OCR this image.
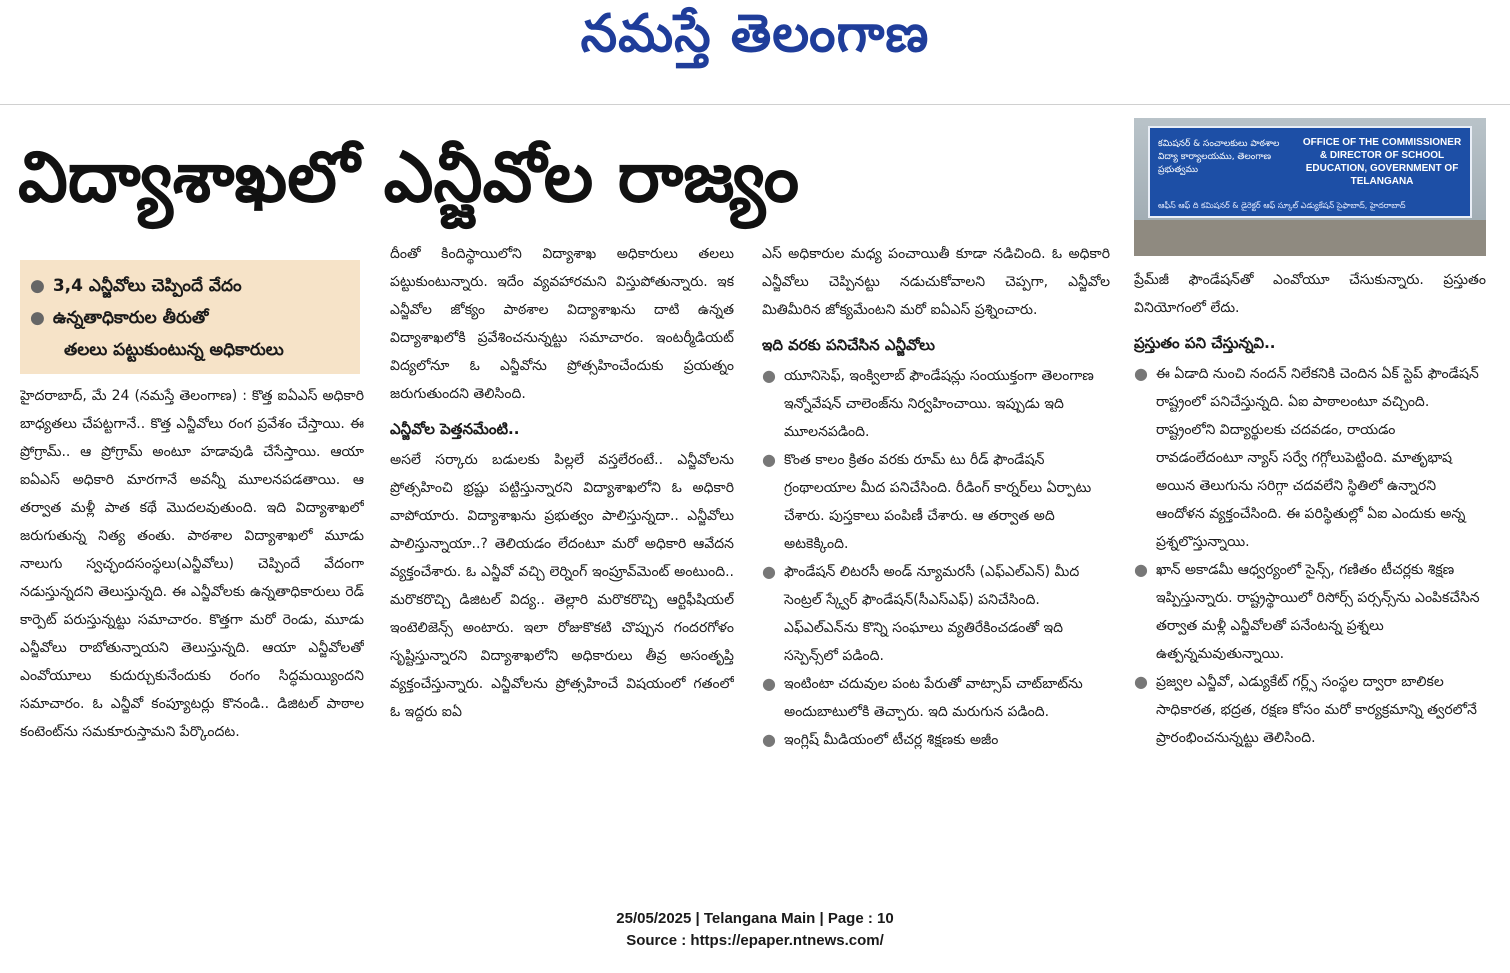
నమస్తే తెలంగాణ
విద్యాశాఖలో ఎన్జీవోల రాజ్యం	కమిషనర్ & సంచాలకులు పాఠశాల విద్యా కార్యాలయము, తెలంగాణ ప్రభుత్వము
OFFICE OF THE COMMISSIONER & DIRECTOR OF SCHOOL EDUCATION, GOVERNMENT OF TELANGANA
ఆఫీస్ ఆఫ్ ది కమిషనర్ & డైరెక్టర్ ఆఫ్ స్కూల్ ఎడ్యుకేషన్ సైఫాబాద్, హైదరాబాద్
● 3,4 ఎన్జీవోలు చెప్పిందే వేదం
● ఉన్నతాధికారుల తీరుతో
తలలు పట్టుకుంటున్న అధికారులు

హైదరాబాద్, మే 24 (నమస్తే తెలంగాణ) : కొత్త ఐఏఎస్ అధికారి బాధ్యతలు చేపట్టగానే.. కొత్త ఎన్జీవోలు రంగ ప్రవేశం చేస్తాయి. ఈ ప్రోగ్రామ్.. ఆ ప్రోగ్రామ్ అంటూ హడావుడి చేసేస్తాయి. ఆయా ఐఏఎస్ అధికారి మారగానే అవన్నీ మూలనపడతాయి. ఆ తర్వాత మళ్లీ పాత కథే మొదలవుతుంది. ఇది విద్యాశాఖలో జరుగుతున్న నిత్య తంతు. పాఠశాల విద్యాశాఖలో మూడు నాలుగు స్వచ్ఛందసంస్థలు(ఎన్జీవోలు) చెప్పిందే వేదంగా నడుస్తున్నదని తెలుస్తున్నది. ఈ ఎన్జీవోలకు ఉన్నతాధికారులు రెడ్ కార్పెట్ పరుస్తున్నట్టు సమాచారం. కొత్తగా మరో రెండు, మూడు ఎన్జీవోలు రాబోతున్నాయని తెలుస్తున్నది. ఆయా ఎన్జీవోలతో ఎంవోయూలు కుదుర్చుకునేందుకు రంగం సిద్ధమయ్యిందని సమాచారం. ఓ ఎన్జీవో కంప్యూటర్లు కొనండి.. డిజిటల్ పాఠాల కంటెంట్‌ను సమకూరుస్తామని పేర్కొందట.

దీంతో కిందిస్థాయిలోని విద్యాశాఖ అధికారులు తలలు పట్టుకుంటున్నారు. ఇదేం వ్యవహారమని విస్తుపోతున్నారు. ఇక ఎన్జీవోల జోక్యం పాఠశాల విద్యాశాఖను దాటి ఉన్నత విద్యాశాఖలోకి ప్రవేశించనున్నట్టు సమాచారం. ఇంటర్మీడియట్ విద్యలోనూ ఓ ఎన్జీవోను ప్రోత్సహించేందుకు ప్రయత్నం జరుగుతుందని తెలిసింది.

ఎన్జీవోల పెత్తనమేంటి..

అసలే సర్కారు బడులకు పిల్లలే వస్తలేరంటే.. ఎన్జీవోలను ప్రోత్సహించి భ్రష్టు పట్టిస్తున్నారని విద్యాశాఖలోని ఓ అధికారి వాపోయారు. విద్యాశాఖను ప్రభుత్వం పాలిస్తున్నదా.. ఎన్జీవోలు పాలిస్తున్నాయా..? తెలియడం లేదంటూ మరో అధికారి ఆవేదన వ్యక్తంచేశారు. ఓ ఎన్జీవో వచ్చి లెర్నింగ్ ఇంప్రూవ్‌మెంట్ అంటుంది.. మరొకరొచ్చి డిజిటల్ విద్య.. తెల్లారి మరొకరొచ్చి ఆర్టిఫీషియల్ ఇంటెలిజెన్స్ అంటారు. ఇలా రోజుకొకటి చొప్పున గందరగోళం సృష్టిస్తున్నారని విద్యాశాఖలోని అధికారులు తీవ్ర అసంతృప్తి వ్యక్తంచేస్తున్నారు. ఎన్జీవోలను ప్రోత్సహించే విషయంలో గతంలో ఓ ఇద్దరు ఐఏ

ఎస్ అధికారుల మధ్య పంచాయితీ కూడా నడిచింది. ఓ అధికారి ఎన్జీవోలు చెప్పినట్టు నడుచుకోవాలని చెప్పగా, ఎన్జీవోల మితిమీరిన జోక్యమేంటని మరో ఐఏఎస్ ప్రశ్నించారు.

ఇది వరకు పనిచేసిన ఎన్జీవోలు
● యూనిసెఫ్, ఇంక్విలాబ్ ఫౌండేషన్లు సంయుక్తంగా తెలంగాణ ఇన్నోవేషన్ చాలెంజ్‌ను నిర్వహించాయి. ఇప్పుడు ఇది మూలనపడింది.
● కొంత కాలం క్రితం వరకు రూమ్ టు రీడ్ ఫౌండేషన్ గ్రంథాలయాల మీద పనిచేసింది. రీడింగ్ కార్నర్‌లు ఏర్పాటు చేశారు. పుస్తకాలు పంపిణీ చేశారు. ఆ తర్వాత అది అటకెక్కింది.
● ఫౌండేషన్ లిటరసీ అండ్ న్యూమరసీ (ఎఫ్ఎల్ఎన్) మీద సెంట్రల్ స్క్వేర్ ఫౌండేషన్(సీఎస్ఎఫ్) పనిచేసింది. ఎఫ్ఎల్ఎన్‌ను కొన్ని సంఘాలు వ్యతిరేకించడంతో ఇది సస్పెన్స్‌లో పడింది.
● ఇంటింటా చదువుల పంట పేరుతో వాట్సాప్ చాట్‌బాట్‌ను అందుబాటులోకి తెచ్చారు. ఇది మరుగున పడింది.
● ఇంగ్లిష్ మీడియంలో టీచర్ల శిక్షణకు అజీం

ప్రేమ్‌జీ ఫౌండేషన్‌తో ఎంవోయూ చేసుకున్నారు. ప్రస్తుతం వినియోగంలో లేదు.

ప్రస్తుతం పని చేస్తున్నవి..
● ఈ ఏడాది నుంచి నందన్ నిలేకనికి చెందిన ఏక్ స్టెప్ ఫౌండేషన్ రాష్ట్రంలో పనిచేస్తున్నది. ఏఐ పాఠాలంటూ వచ్చింది. రాష్ట్రంలోని విద్యార్థులకు చదవడం, రాయడం రావడంలేదంటూ న్యాస్ సర్వే గగ్గోలుపెట్టింది. మాతృభాష అయిన తెలుగును సరిగ్గా చదవలేని స్థితిలో ఉన్నారని ఆందోళన వ్యక్తంచేసింది. ఈ పరిస్థితుల్లో ఏఐ ఎందుకు అన్న ప్రశ్నలొస్తున్నాయి.
● ఖాన్ అకాడమీ ఆధ్వర్యంలో సైన్స్, గణితం టీచర్లకు శిక్షణ ఇప్పిస్తున్నారు. రాష్ట్రస్థాయిలో రిసోర్స్ పర్సన్స్‌ను ఎంపికచేసిన తర్వాత మళ్లీ ఎన్జీవోలతో పనేంటన్న ప్రశ్నలు ఉత్పన్నమవుతున్నాయి.
● ప్రజ్వల ఎన్జీవో, ఎడ్యుకేట్ గర్ల్స్ సంస్థల ద్వారా బాలికల సాధికారత, భద్రత, రక్షణ కోసం మరో కార్యక్రమాన్ని త్వరలోనే ప్రారంభించనున్నట్టు తెలిసింది.
25/05/2025 | Telangana Main | Page : 10
Source : https://epaper.ntnews.com/
